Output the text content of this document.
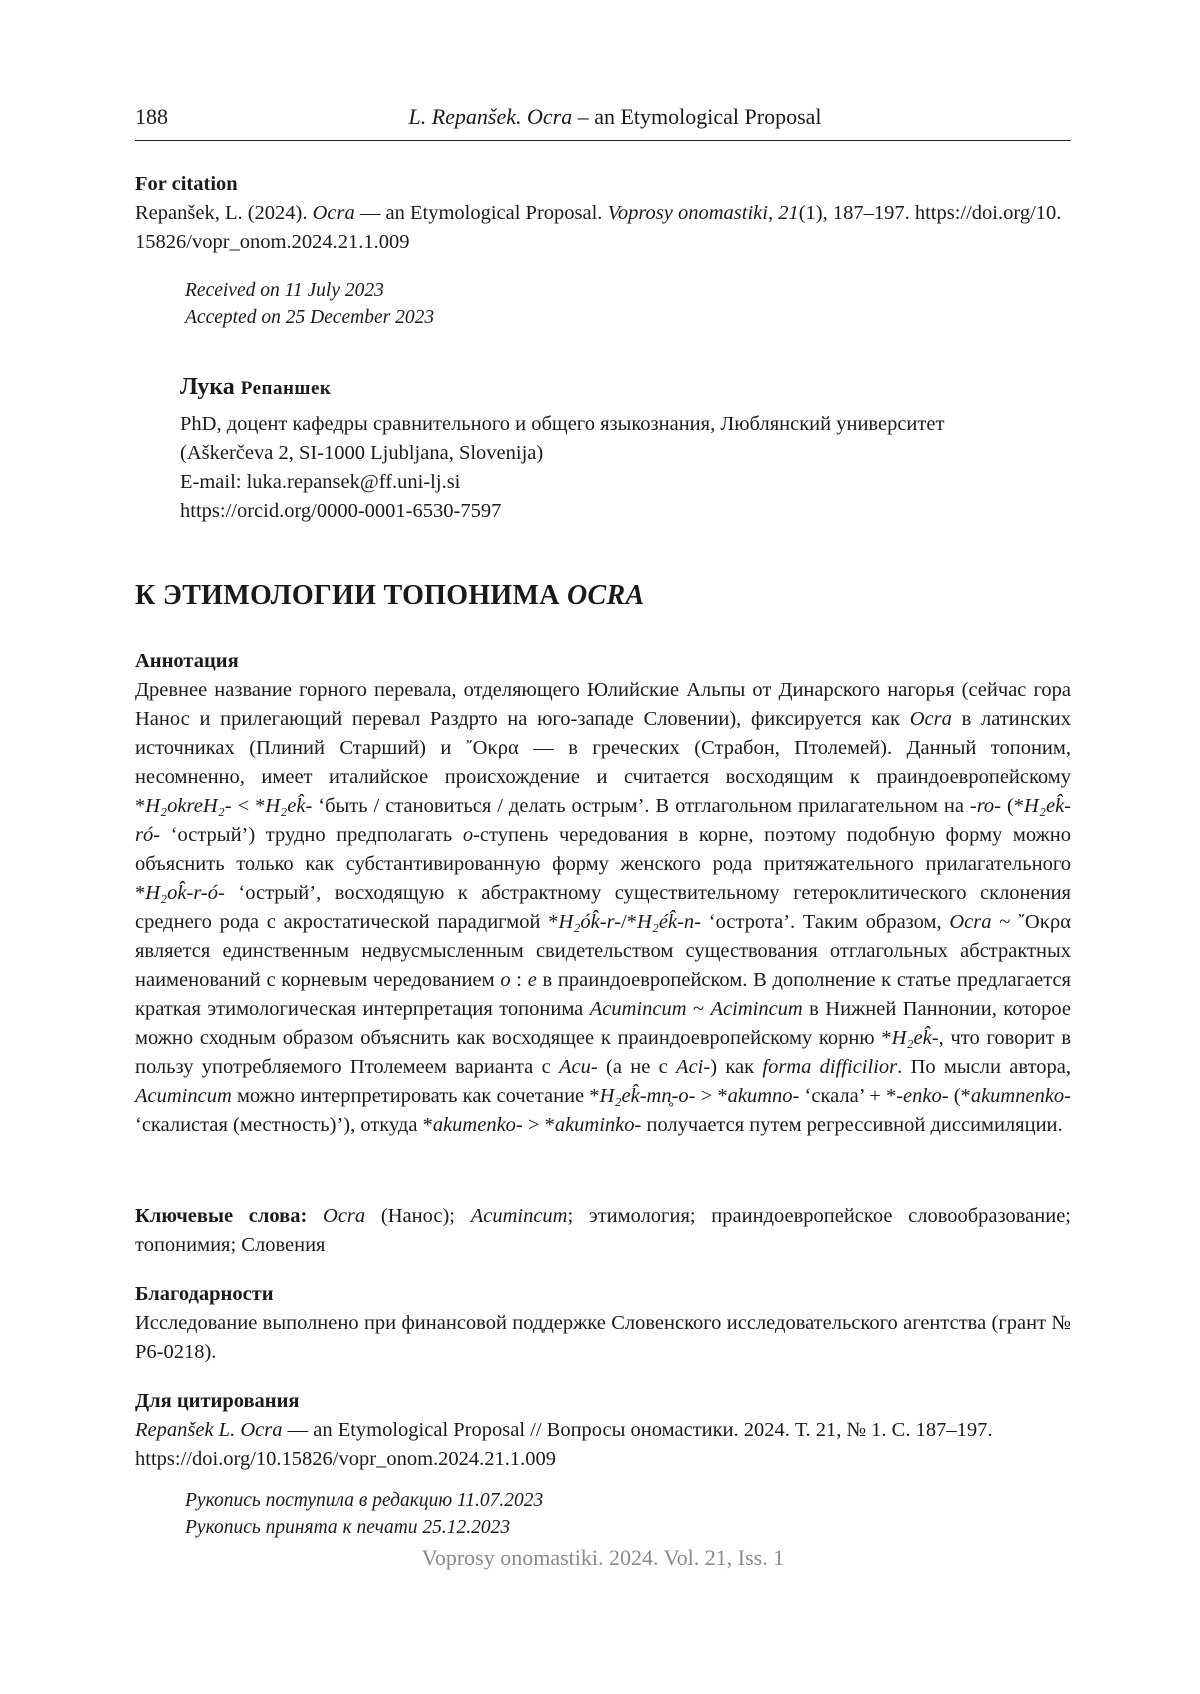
188	L. Repanšek. Ocra – an Etymological Proposal
For citation
Repanšek, L. (2024). Ocra — an Etymological Proposal. Voprosy onomastiki, 21(1), 187–197. https://doi.org/10.15826/vopr_onom.2024.21.1.009
Received on 11 July 2023
Accepted on 25 December 2023
Лука Репаншек
PhD, доцент кафедры сравнительного и общего языкознания, Люблянский университет
(Aškerčeva 2, SI-1000 Ljubljana, Slovenija)
E-mail: luka.repansek@ff.uni-lj.si
https://orcid.org/0000-0001-6530-7597
К ЭТИМОЛОГИИ ТОПОНИМА OCRA
Аннотация
Древнее название горного перевала, отделяющего Юлийские Альпы от Динарского нагорья (сейчас гора Нанос и прилегающий перевал Раздрто на юго-западе Словении), фиксируется как Ocra в латинских источниках (Плиний Старший) и ῎Οκρα — в греческих (Страбон, Птолемей). Данный топоним, несомненно, имеет италийское происхождение и считается восходящим к праиндоевропейскому *H₂okreH₂- < *H₂ek̂- ‘быть / становиться / делать острым’. В отглагольном прилагательном на -ro- (*H₂ek̂-ró- ‘острый’) трудно предполагать o-ступень чередования в корне, поэтому подобную форму можно объяснить только как субстантивированную форму женского рода притяжательного прилагательного *H₂ok̂-r-ó- ‘острый’, восходящую к абстрактному существительному гетероклитического склонения среднего рода с акростатической парадигмой *H₂ók̂-r-/*H₂ék̂-n- ‘острота’. Таким образом, Ocra ~ ῎Οκρα является единственным недвусмысленным свидетельством существования отглагольных абстрактных наименований с корневым чередованием o : e в праиндоевропейском. В дополнение к статье предлагается краткая этимологическая интерпретация топонима Acumincum ~ Acimincum в Нижней Паннонии, которое можно сходным образом объяснить как восходящее к праиндоевропейскому корню *H₂ek̂-, что говорит в пользу употребляемого Птолемеем варианта с Acu- (а не с Aci-) как forma difficilior. По мысли автора, Acumincum можно интерпретировать как сочетание *H₂ek̂-mn̥-o- > *akumno- ‘скала’ + *-enko- (*akumnenko- ‘скалистая (местность)’), откуда *akumenko- > *akuminko- получается путем регрессивной диссимиляции.
Ключевые слова: Ocra (Нанос); Acumincum; этимология; праиндоевропейское словообразование; топонимия; Словения
Благодарности
Исследование выполнено при финансовой поддержке Словенского исследовательского агентства (грант № P6-0218).
Для цитирования
Repanšek L. Ocra — an Etymological Proposal // Вопросы ономастики. 2024. Т. 21, № 1. С. 187–197. https://doi.org/10.15826/vopr_onom.2024.21.1.009
Рукопись поступила в редакцию 11.07.2023
Рукопись принята к печати 25.12.2023
Voprosy onomastiki. 2024. Vol. 21, Iss. 1
